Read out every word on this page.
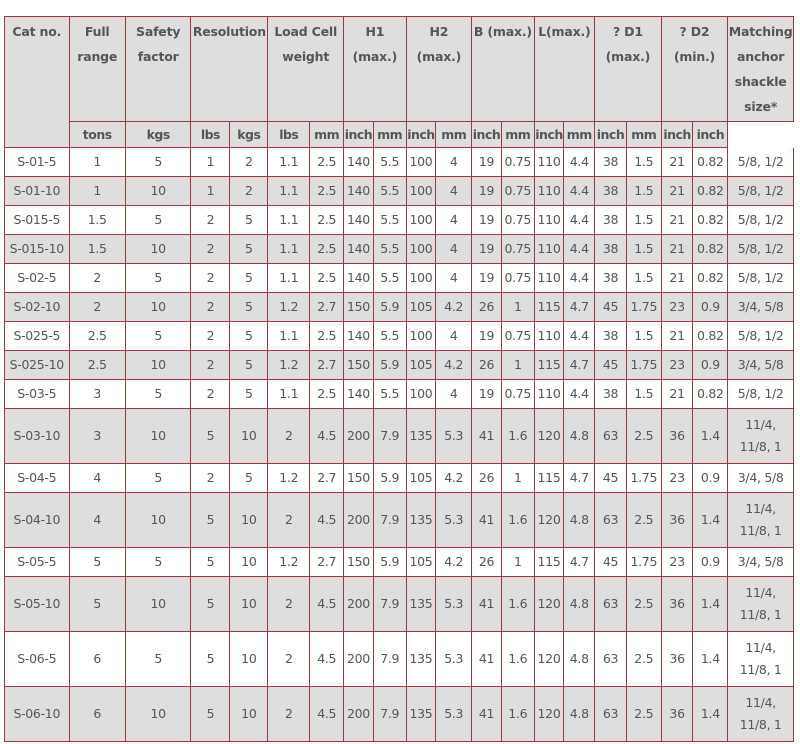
Cat no.	Full range	Safety factor	Resolution		Load Cell weight		H1 (max.)		H2 (max.)		B (max.)		L(max.)		? D1 (max.)		? D2 (min.)		Matching anchor shackle size*
	tons	kgs	lbs	kgs	lbs	mm	inch	mm	inch	mm	inch	mm	inch	mm	inch	mm	inch	inch	
S-01-5	1	5	1	2	1.1	2.5	140	5.5	100	4	19	0.75	110	4.4	38	1.5	21	0.82	5/8, 1/2
S-01-10	1	10	1	2	1.1	2.5	140	5.5	100	4	19	0.75	110	4.4	38	1.5	21	0.82	5/8, 1/2
S-015-5	1.5	5	2	5	1.1	2.5	140	5.5	100	4	19	0.75	110	4.4	38	1.5	21	0.82	5/8, 1/2
S-015-10	1.5	10	2	5	1.1	2.5	140	5.5	100	4	19	0.75	110	4.4	38	1.5	21	0.82	5/8, 1/2
S-02-5	2	5	2	5	1.1	2.5	140	5.5	100	4	19	0.75	110	4.4	38	1.5	21	0.82	5/8, 1/2
S-02-10	2	10	2	5	1.2	2.7	150	5.9	105	4.2	26	1	115	4.7	45	1.75	23	0.9	3/4, 5/8
S-025-5	2.5	5	2	5	1.1	2.5	140	5.5	100	4	19	0.75	110	4.4	38	1.5	21	0.82	5/8, 1/2
S-025-10	2.5	10	2	5	1.2	2.7	150	5.9	105	4.2	26	1	115	4.7	45	1.75	23	0.9	3/4, 5/8
S-03-5	3	5	2	5	1.1	2.5	140	5.5	100	4	19	0.75	110	4.4	38	1.5	21	0.82	5/8, 1/2
S-03-10	3	10	5	10	2	4.5	200	7.9	135	5.3	41	1.6	120	4.8	63	2.5	36	1.4	11/4, 11/8, 1
S-04-5	4	5	2	5	1.2	2.7	150	5.9	105	4.2	26	1	115	4.7	45	1.75	23	0.9	3/4, 5/8
S-04-10	4	10	5	10	2	4.5	200	7.9	135	5.3	41	1.6	120	4.8	63	2.5	36	1.4	11/4, 11/8, 1
S-05-5	5	5	5	10	1.2	2.7	150	5.9	105	4.2	26	1	115	4.7	45	1.75	23	0.9	3/4, 5/8
S-05-10	5	10	5	10	2	4.5	200	7.9	135	5.3	41	1.6	120	4.8	63	2.5	36	1.4	11/4, 11/8, 1
S-06-5	6	5	5	10	2	4.5	200	7.9	135	5.3	41	1.6	120	4.8	63	2.5	36	1.4	11/4, 11/8, 1
S-06-10	6	10	5	10	2	4.5	200	7.9	135	5.3	41	1.6	120	4.8	63	2.5	36	1.4	11/4, 11/8, 1
